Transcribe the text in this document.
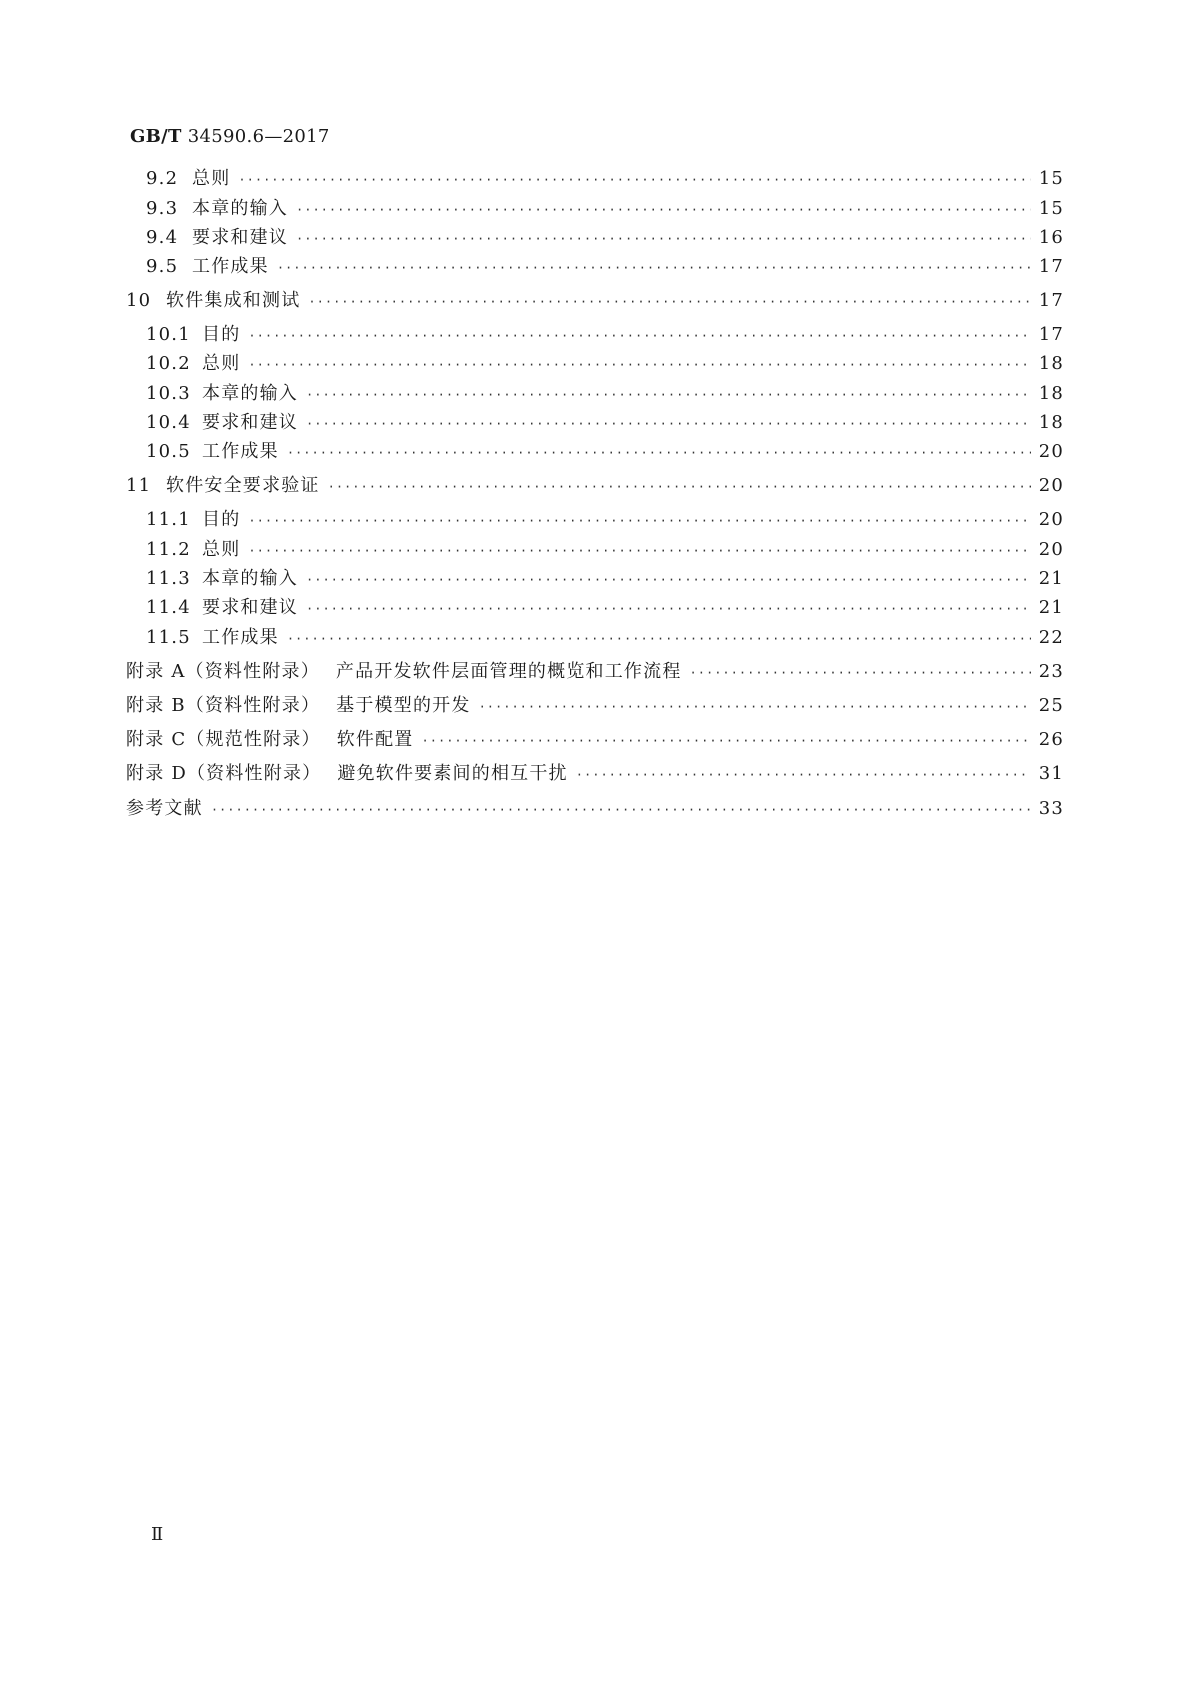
GB/T 34590.6—2017
9.2 总则 ·····	15
9.3 本章的输入 ·····	15
9.4 要求和建议 ·····	16
9.5 工作成果 ·····	17
10 软件集成和测试 ·····	17
10.1 目的 ·····	17
10.2 总则 ·····	18
10.3 本章的输入 ·····	18
10.4 要求和建议 ·····	18
10.5 工作成果 ·····	20
11 软件安全要求验证 ·····	20
11.1 目的 ·····	20
11.2 总则 ·····	20
11.3 本章的输入 ·····	21
11.4 要求和建议 ·····	21
11.5 工作成果 ·····	22
附录 A（资料性附录） 产品开发软件层面管理的概览和工作流程 ·····	23
附录 B（资料性附录） 基于模型的开发 ·····	25
附录 C（规范性附录） 软件配置 ·····	26
附录 D（资料性附录） 避免软件要素间的相互干扰 ·····	31
参考文献 ·····	33
Ⅱ
